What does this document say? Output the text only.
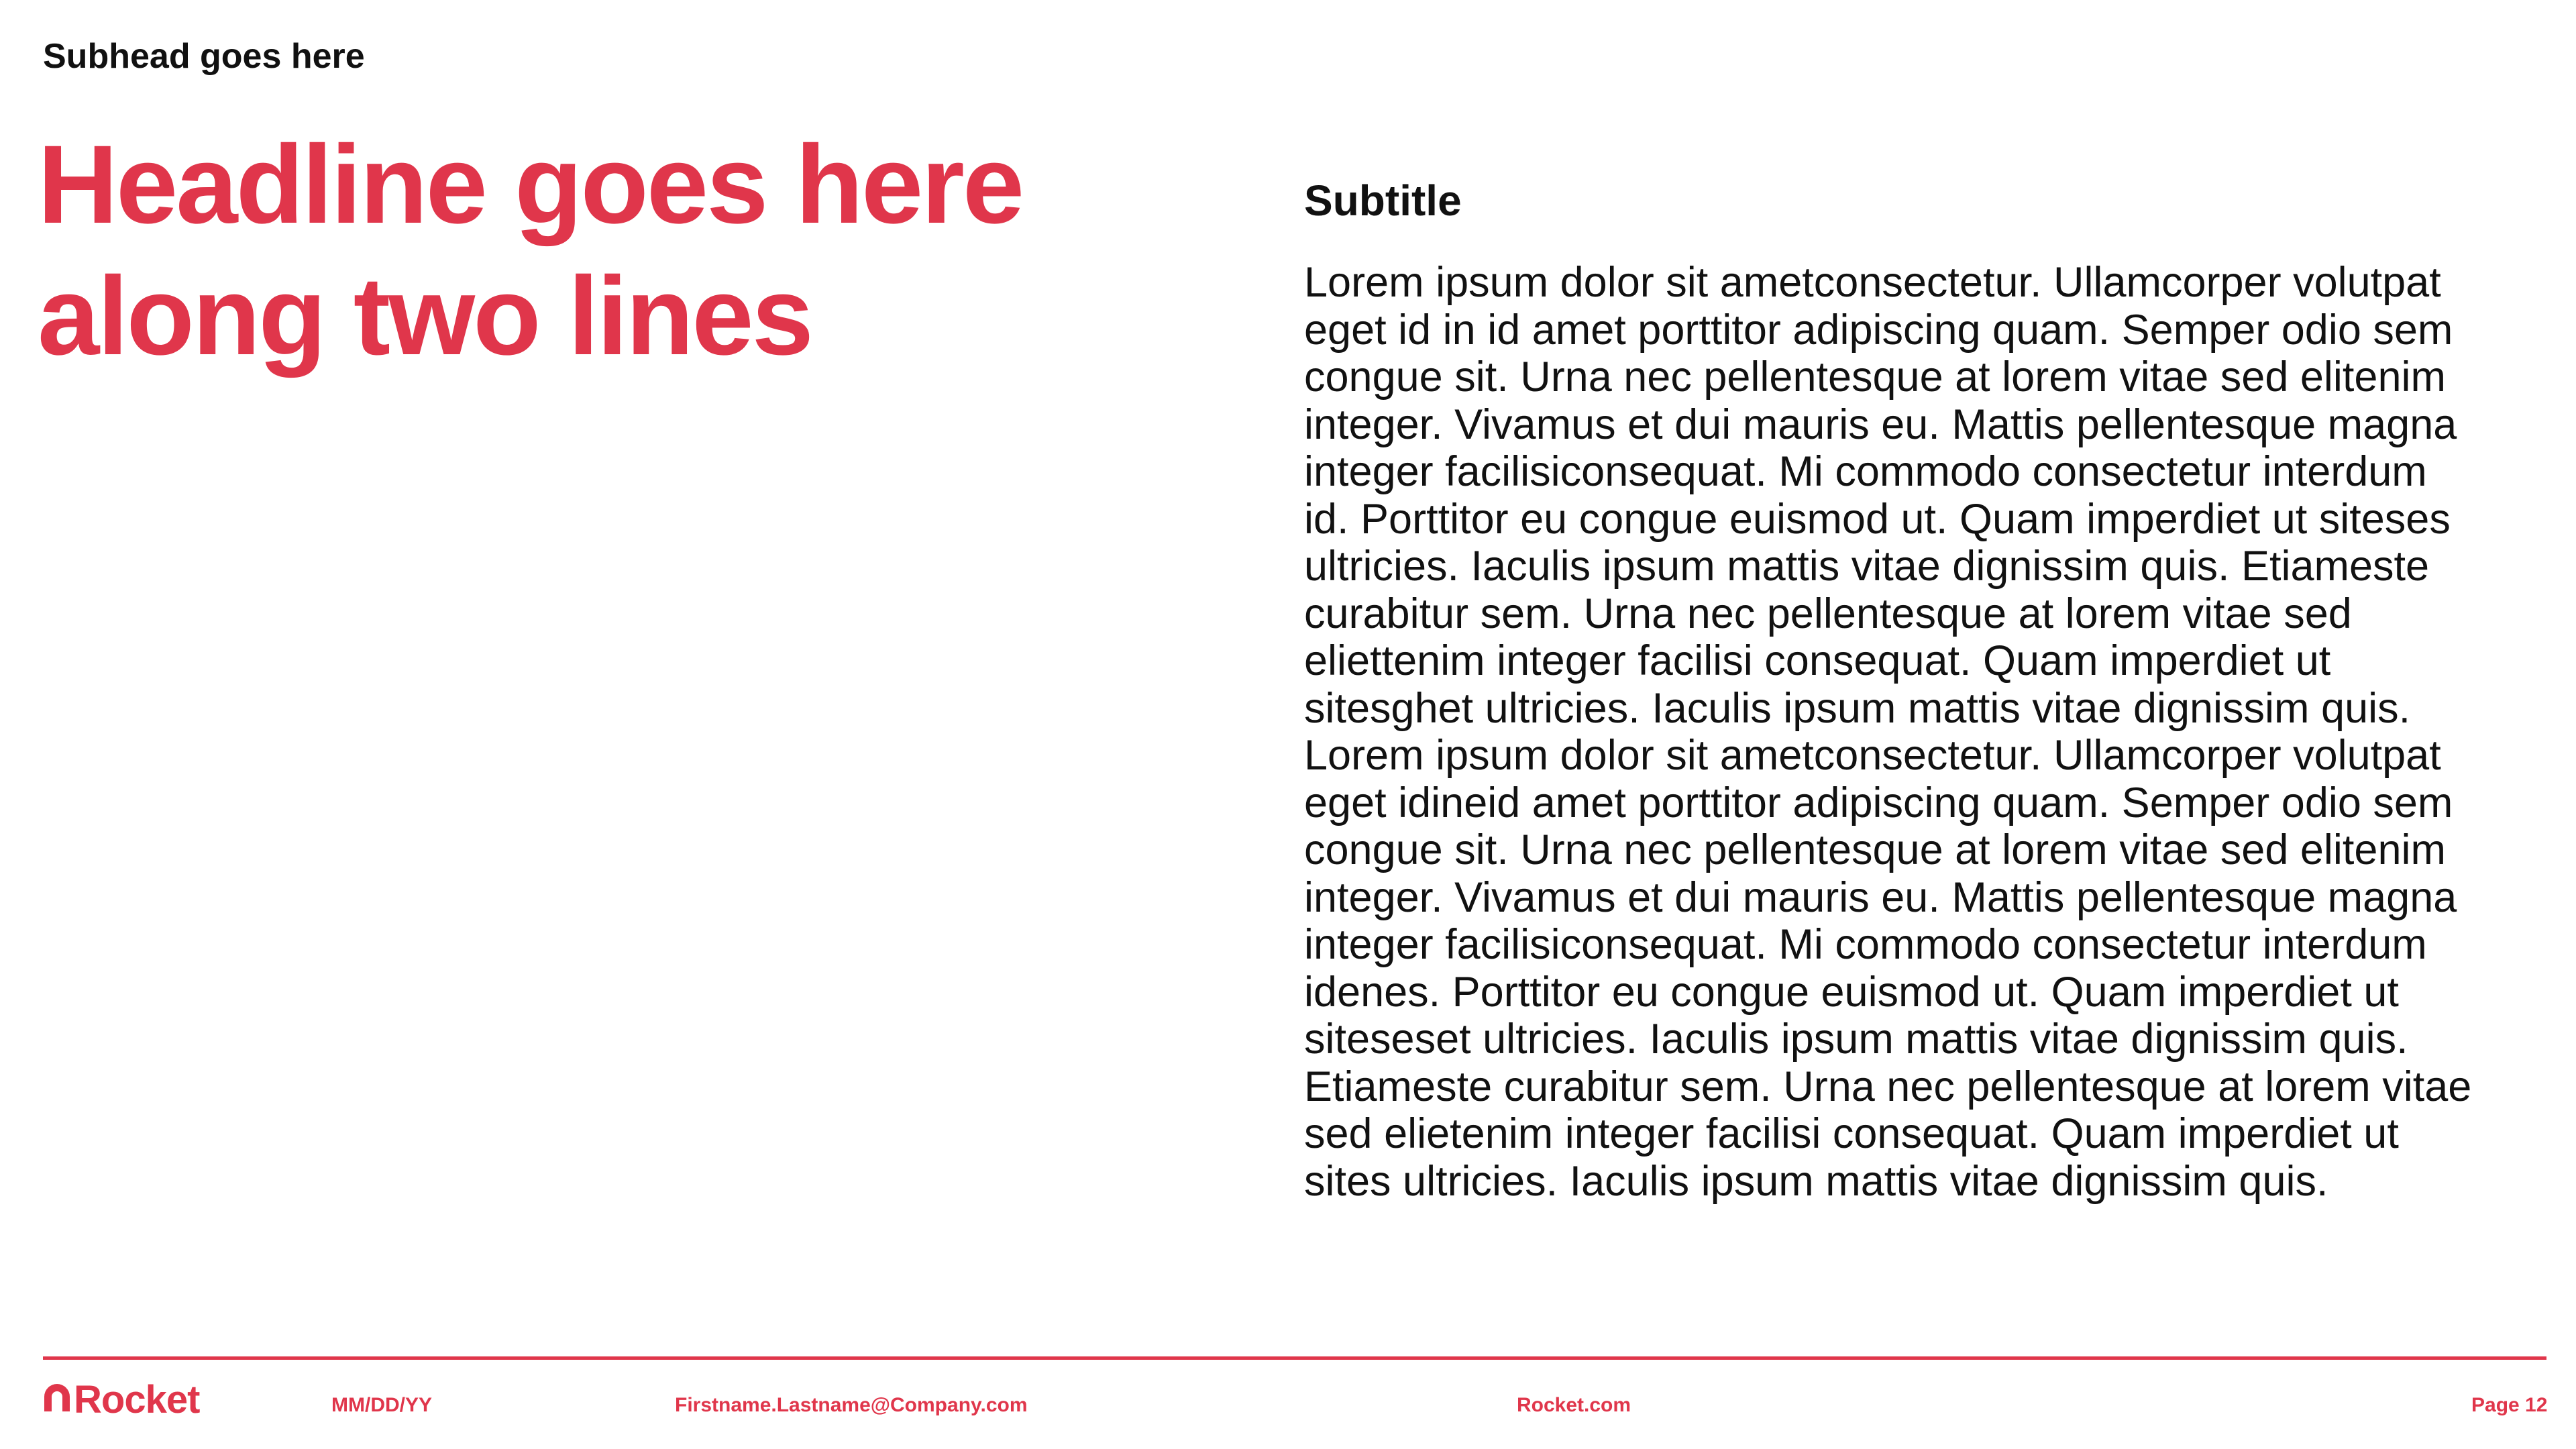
Subhead goes here
Headline goes here
along two lines
Subtitle
Lorem ipsum dolor sit ametconsectetur. Ullamcorper volutpat
eget id in id amet porttitor adipiscing quam. Semper odio sem
congue sit. Urna nec pellentesque at lorem vitae sed elitenim
integer. Vivamus et dui mauris eu. Mattis pellentesque magna
integer facilisiconsequat. Mi commodo consectetur interdum
id. Porttitor eu congue euismod ut. Quam imperdiet ut siteses
ultricies. Iaculis ipsum mattis vitae dignissim quis. Etiameste
curabitur sem. Urna nec pellentesque at lorem vitae sed
eliettenim integer facilisi consequat. Quam imperdiet ut
sitesghet ultricies. Iaculis ipsum mattis vitae dignissim quis.
Lorem ipsum dolor sit ametconsectetur. Ullamcorper volutpat
eget idineid amet porttitor adipiscing quam. Semper odio sem
congue sit. Urna nec pellentesque at lorem vitae sed elitenim
integer. Vivamus et dui mauris eu. Mattis pellentesque magna
integer facilisiconsequat. Mi commodo consectetur interdum
idenes. Porttitor eu congue euismod ut. Quam imperdiet ut
siteseset ultricies. Iaculis ipsum mattis vitae dignissim quis.
Etiameste curabitur sem. Urna nec pellentesque at lorem vitae
sed elietenim integer facilisi consequat. Quam imperdiet ut
sites ultricies. Iaculis ipsum mattis vitae dignissim quis.
Rocket	MM/DD/YY	Firstname.Lastname@Company.com	Rocket.com	Page 12
